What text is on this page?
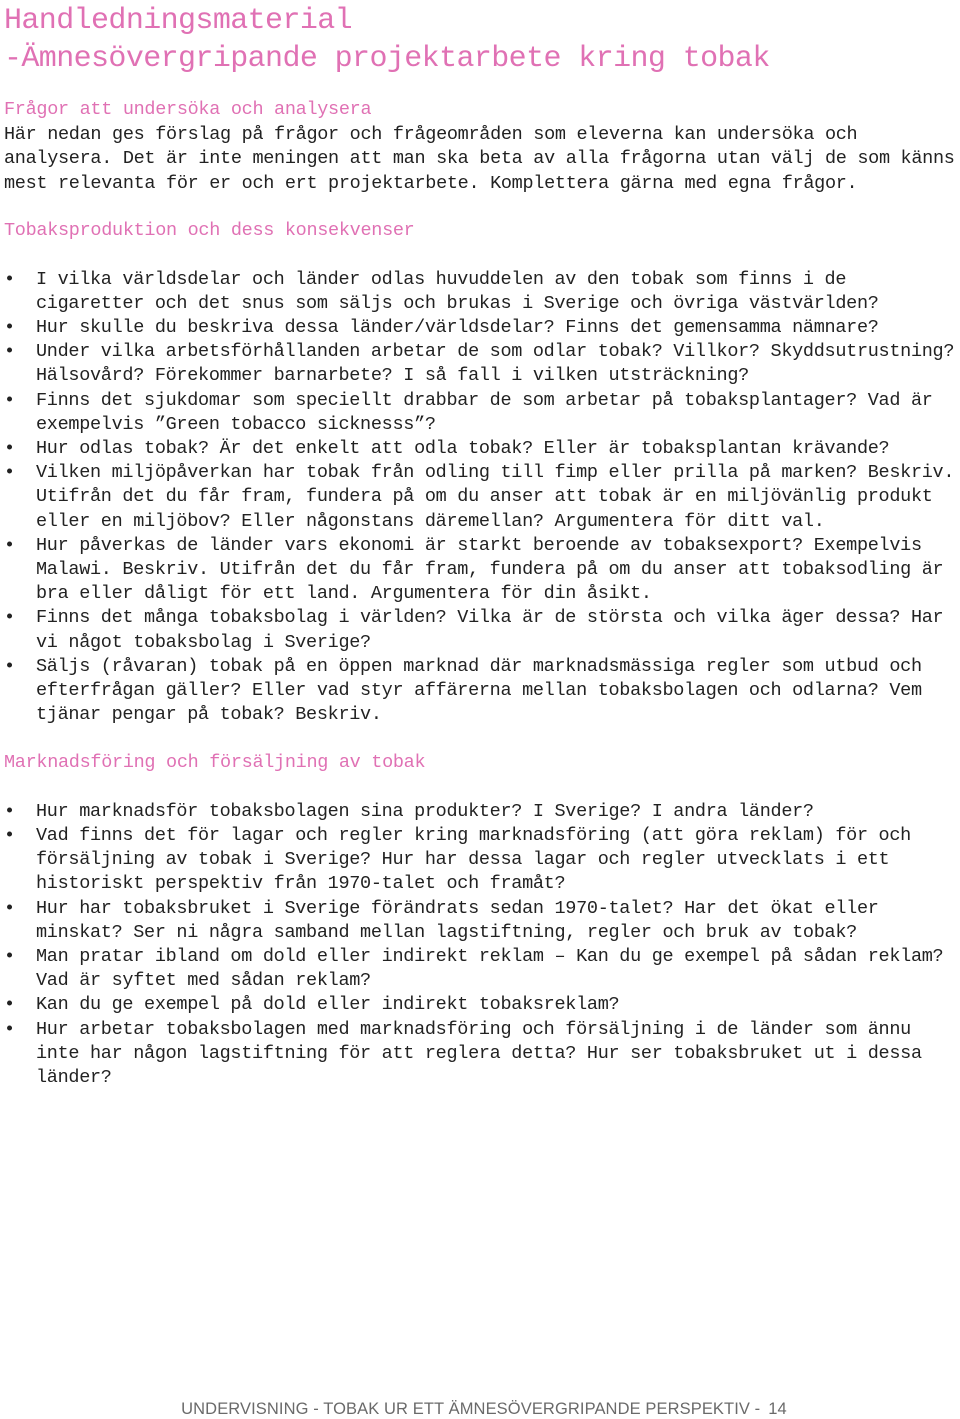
Handledningsmaterial
-Ämnesövergripande projektarbete kring tobak
Frågor att undersöka och analysera

Här nedan ges förslag på frågor och frågeområden som eleverna kan undersöka och analysera. Det är inte meningen att man ska beta av alla frågorna utan välj de som känns mest relevanta för er och ert projektarbete. Komplettera gärna med egna frågor.

Tobaksproduktion och dess konsekvenser
• I vilka världsdelar och länder odlas huvuddelen av den tobak som finns i de cigaretter och det snus som säljs och brukas i Sverige och övriga västvärlden?
• Hur skulle du beskriva dessa länder/världsdelar? Finns det gemensamma nämnare?
• Under vilka arbetsförhållanden arbetar de som odlar tobak? Villkor? Skyddsutrustning? Hälsovård? Förekommer barnarbete? I så fall i vilken utsträckning?
• Finns det sjukdomar som speciellt drabbar de som arbetar på tobaksplantager? Vad är exempelvis ”Green tobacco sicknesss”?
• Hur odlas tobak? Är det enkelt att odla tobak? Eller är tobaksplantan krävande?
• Vilken miljöpåverkan har tobak från odling till fimp eller prilla på marken? Beskriv. Utifrån det du får fram, fundera på om du anser att tobak är en miljövänlig produkt eller en miljöbov? Eller någonstans däremellan? Argumentera för ditt val.
• Hur påverkas de länder vars ekonomi är starkt beroende av tobaksexport? Exempelvis Malawi. Beskriv. Utifrån det du får fram, fundera på om du anser att tobaksodling är bra eller dåligt för ett land. Argumentera för din åsikt.
• Finns det många tobaksbolag i världen? Vilka är de största och vilka äger dessa? Har vi något tobaksbolag i Sverige?
• Säljs (råvaran) tobak på en öppen marknad där marknadsmässiga regler som utbud och efterfrågan gäller? Eller vad styr affärerna mellan tobaksbolagen och odlarna? Vem tjänar pengar på tobak? Beskriv.
Marknadsföring och försäljning av tobak
• Hur marknadsför tobaksbolagen sina produkter? I Sverige? I andra länder?
• Vad finns det för lagar och regler kring marknadsföring (att göra reklam) för och försäljning av tobak i Sverige? Hur har dessa lagar och regler utvecklats i ett historiskt perspektiv från 1970-talet och framåt?
• Hur har tobaksbruket i Sverige förändrats sedan 1970-talet? Har det ökat eller minskat? Ser ni några samband mellan lagstiftning, regler och bruk av tobak?
• Man pratar ibland om dold eller indirekt reklam – Kan du ge exempel på sådan reklam? Vad är syftet med sådan reklam?
• Kan du ge exempel på dold eller indirekt tobaksreklam?
• Hur arbetar tobaksbolagen med marknadsföring och försäljning i de länder som ännu inte har någon lagstiftning för att reglera detta? Hur ser tobaksbruket ut i dessa länder?
UNDERVISNING - TOBAK UR ETT ÄMNESÖVERGRIPANDE PERSPEKTIV - 14
